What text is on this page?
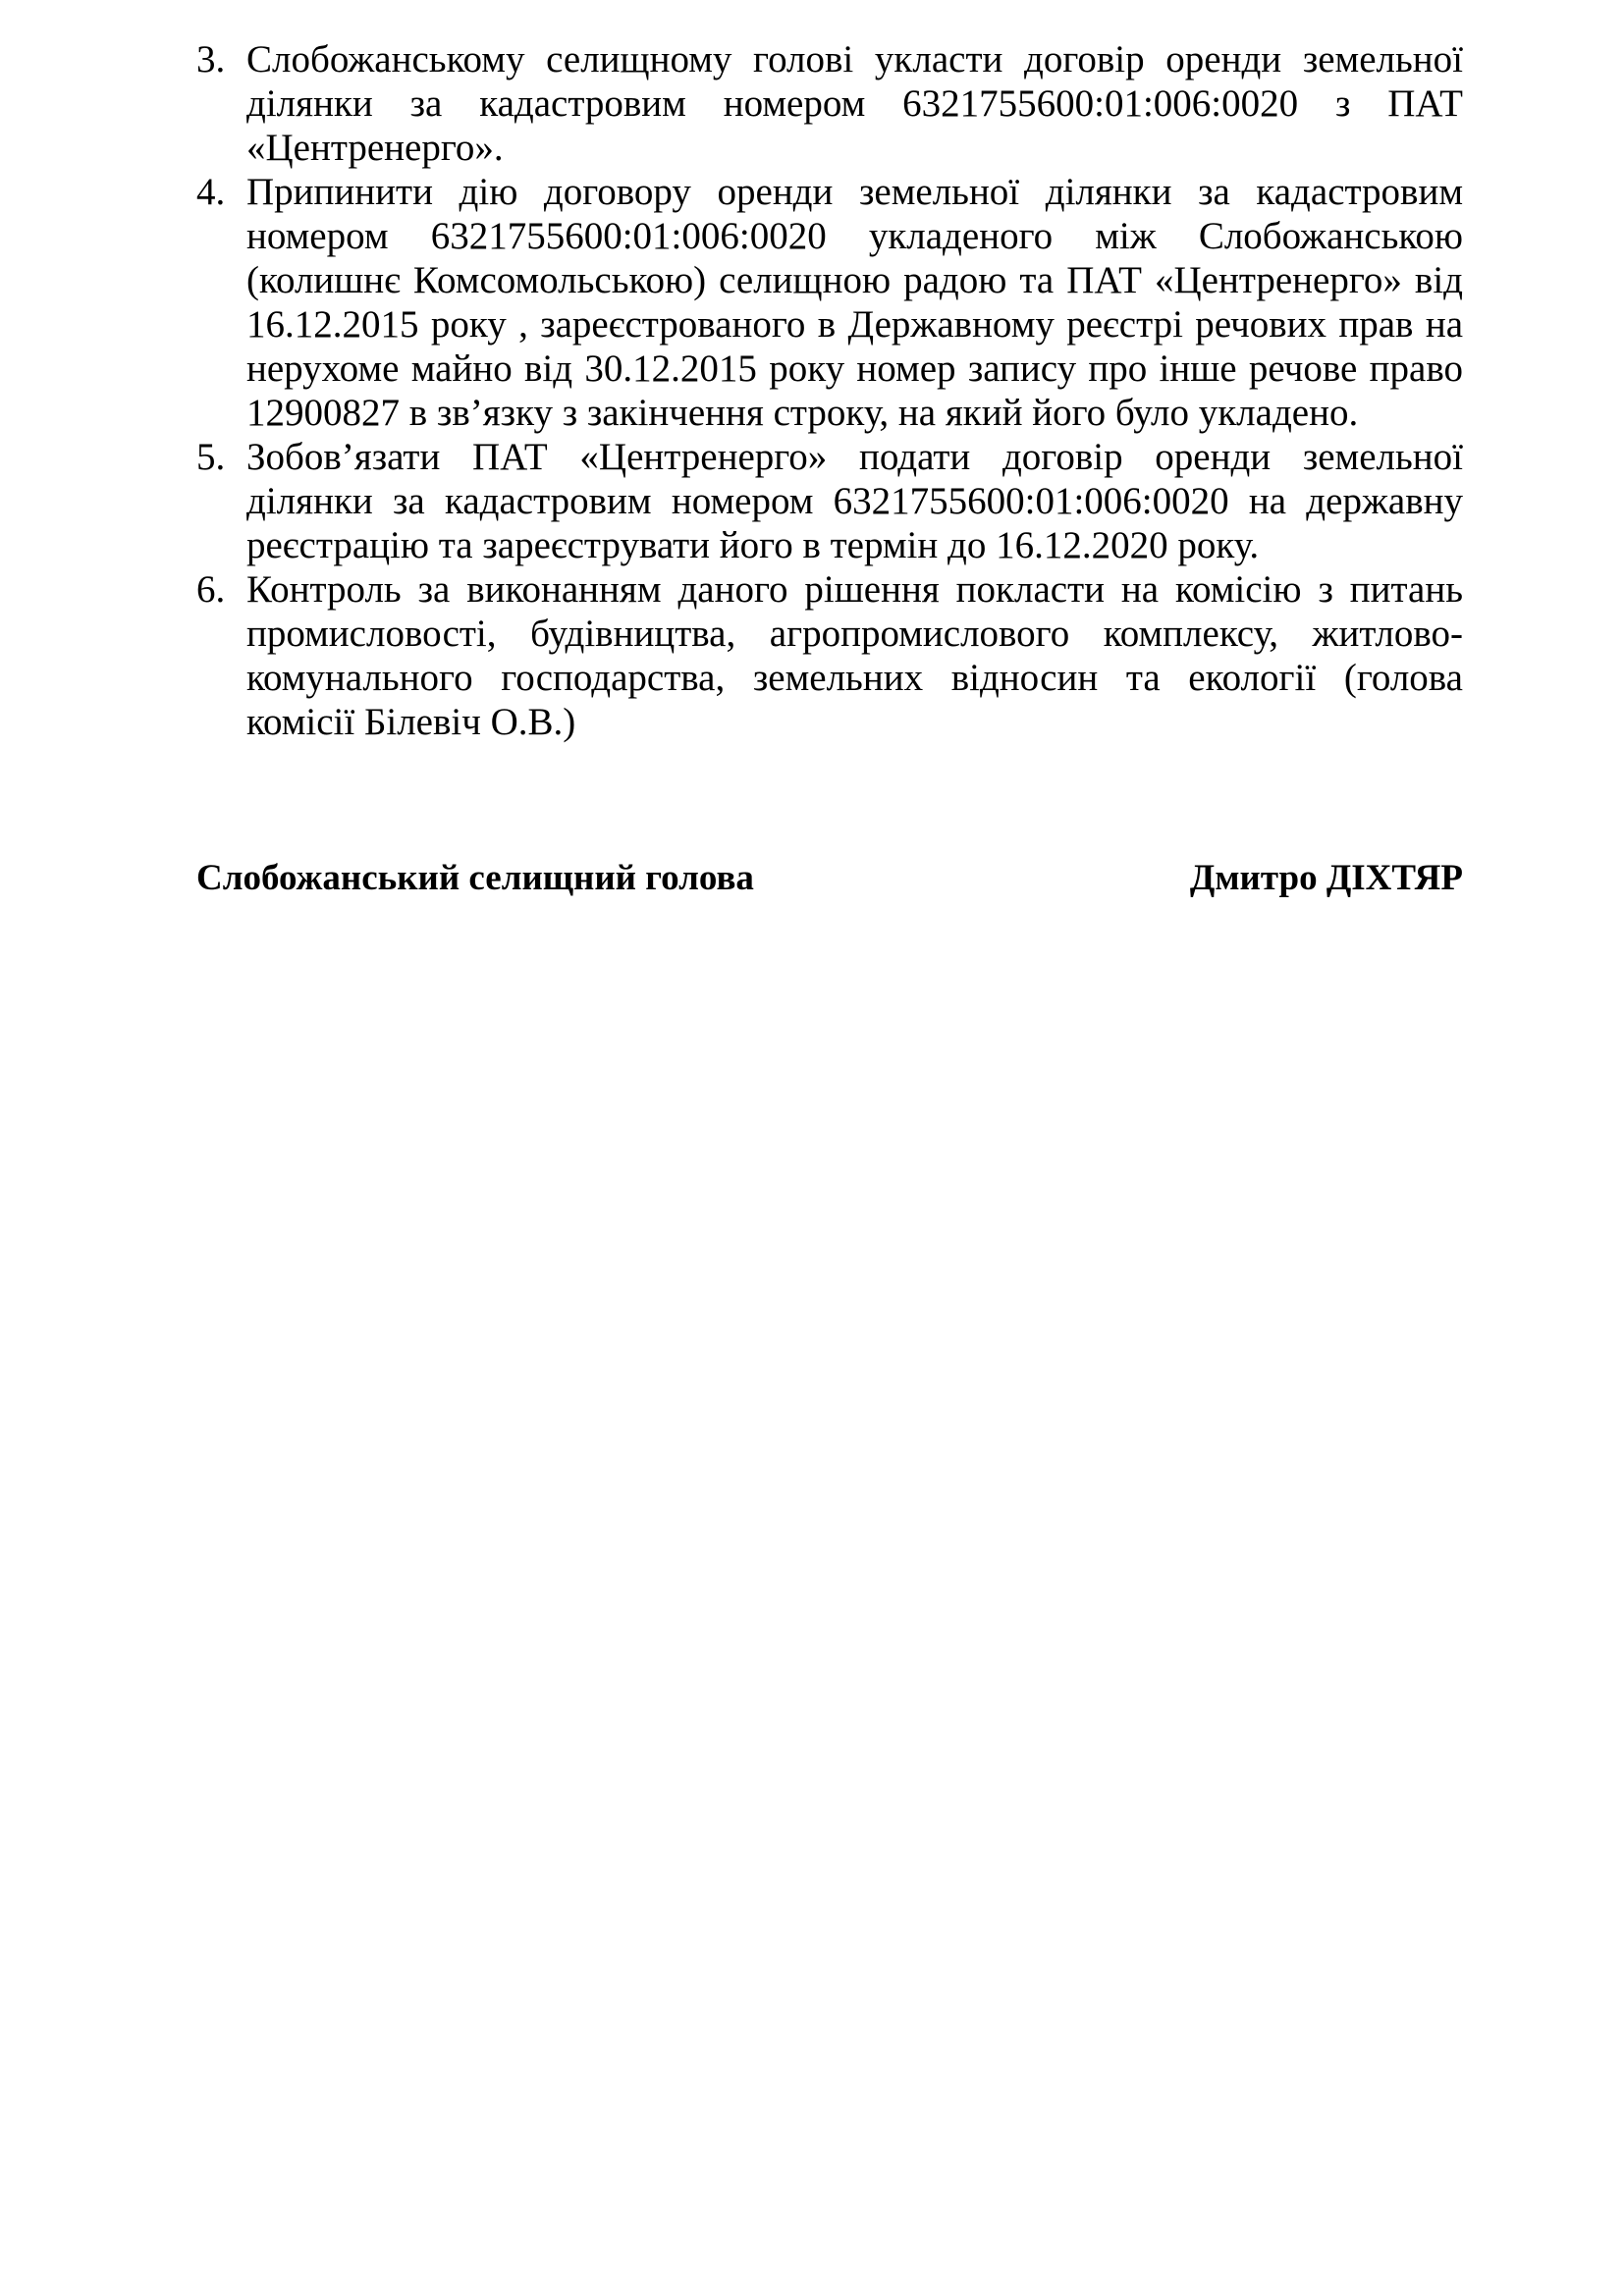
3. Слобожанському селищному голові укласти договір оренди земельної ділянки за кадастровим номером 6321755600:01:006:0020 з ПАТ «Центренерго».
4. Припинити дію договору оренди земельної ділянки за кадастровим номером 6321755600:01:006:0020 укладеного між Слобожанською (колишнє Комсомольською) селищною радою та ПАТ «Центренерго» від 16.12.2015 року , зареєстрованого в Державному реєстрі речових прав на нерухоме майно від 30.12.2015 року номер запису про інше речове право 12900827 в зв’язку з закінчення строку, на який його було укладено.
5. Зобов’язати ПАТ «Центренерго» подати договір оренди земельної ділянки за кадастровим номером 6321755600:01:006:0020 на державну реєстрацію та зареєструвати його в термін до 16.12.2020 року.
6. Контроль за виконанням даного рішення покласти на комісію з питань промисловості, будівництва, агропромислового комплексу, житлово-комунального господарства, земельних відносин та екології (голова комісії Білевіч О.В.)
Слобожанський селищний голова	Дмитро ДІХТЯР
